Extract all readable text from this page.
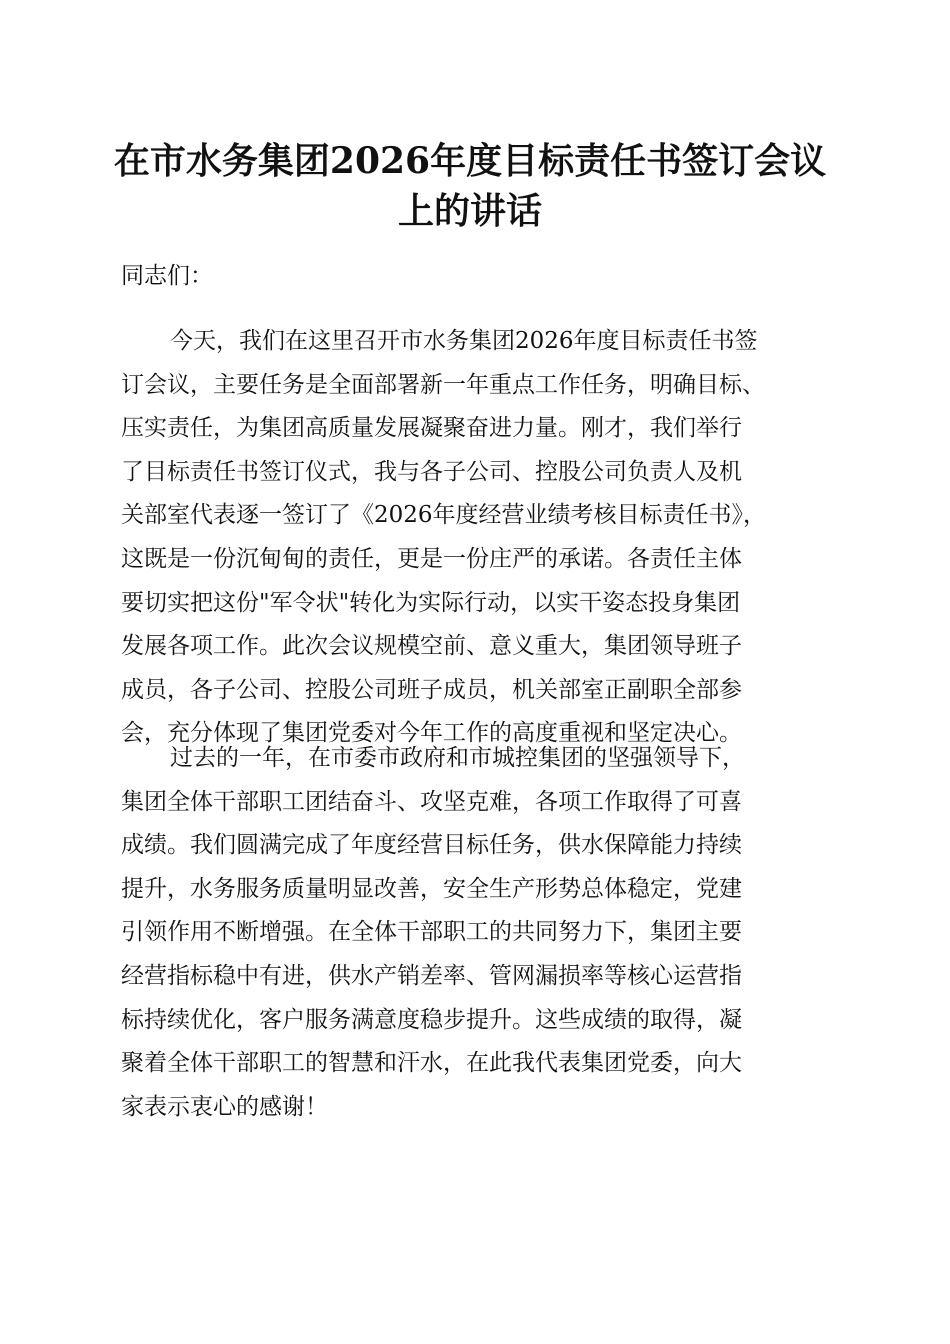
在市水务集团2026年度目标责任书签订会议
上的讲话
同志们：
今天，我们在这里召开市水务集团2026年度目标责任书签
订会议，主要任务是全面部署新一年重点工作任务，明确目标、
压实责任，为集团高质量发展凝聚奋进力量。刚才，我们举行
了目标责任书签订仪式，我与各子公司、控股公司负责人及机
关部室代表逐一签订了《2026年度经营业绩考核目标责任书》，
这既是一份沉甸甸的责任，更是一份庄严的承诺。各责任主体
要切实把这份"军令状"转化为实际行动，以实干姿态投身集团
发展各项工作。此次会议规模空前、意义重大，集团领导班子
成员，各子公司、控股公司班子成员，机关部室正副职全部参
会，充分体现了集团党委对今年工作的高度重视和坚定决心。
过去的一年，在市委市政府和市城控集团的坚强领导下，
集团全体干部职工团结奋斗、攻坚克难，各项工作取得了可喜
成绩。我们圆满完成了年度经营目标任务，供水保障能力持续
提升，水务服务质量明显改善，安全生产形势总体稳定，党建
引领作用不断增强。在全体干部职工的共同努力下，集团主要
经营指标稳中有进，供水产销差率、管网漏损率等核心运营指
标持续优化，客户服务满意度稳步提升。这些成绩的取得，凝
聚着全体干部职工的智慧和汗水，在此我代表集团党委，向大
家表示衷心的感谢！
